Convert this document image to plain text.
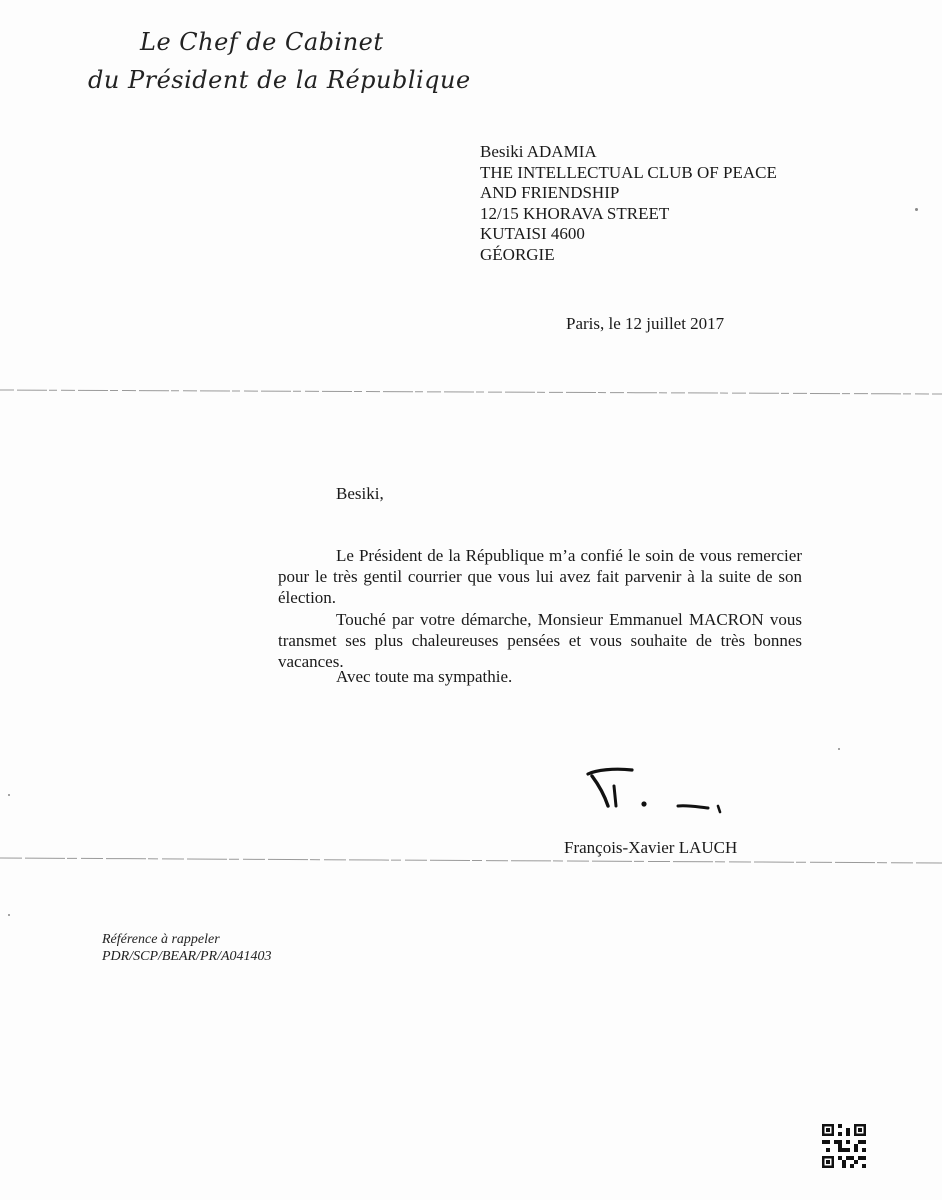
Le Chef de Cabinet
du Président de la République
Besiki ADAMIA
THE INTELLECTUAL CLUB OF PEACE
AND FRIENDSHIP
12/15 KHORAVA STREET
KUTAISI 4600
GÉORGIE
Paris, le 12 juillet 2017
Besiki,
Le Président de la République m’a confié le soin de vous remercier pour le très gentil courrier que vous lui avez fait parvenir à la suite de son élection.
Touché par votre démarche, Monsieur Emmanuel MACRON vous transmet ses plus chaleureuses pensées et vous souhaite de très bonnes vacances.
Avec toute ma sympathie.
François-Xavier LAUCH
Référence à rappeler
PDR/SCP/BEAR/PR/A041403
